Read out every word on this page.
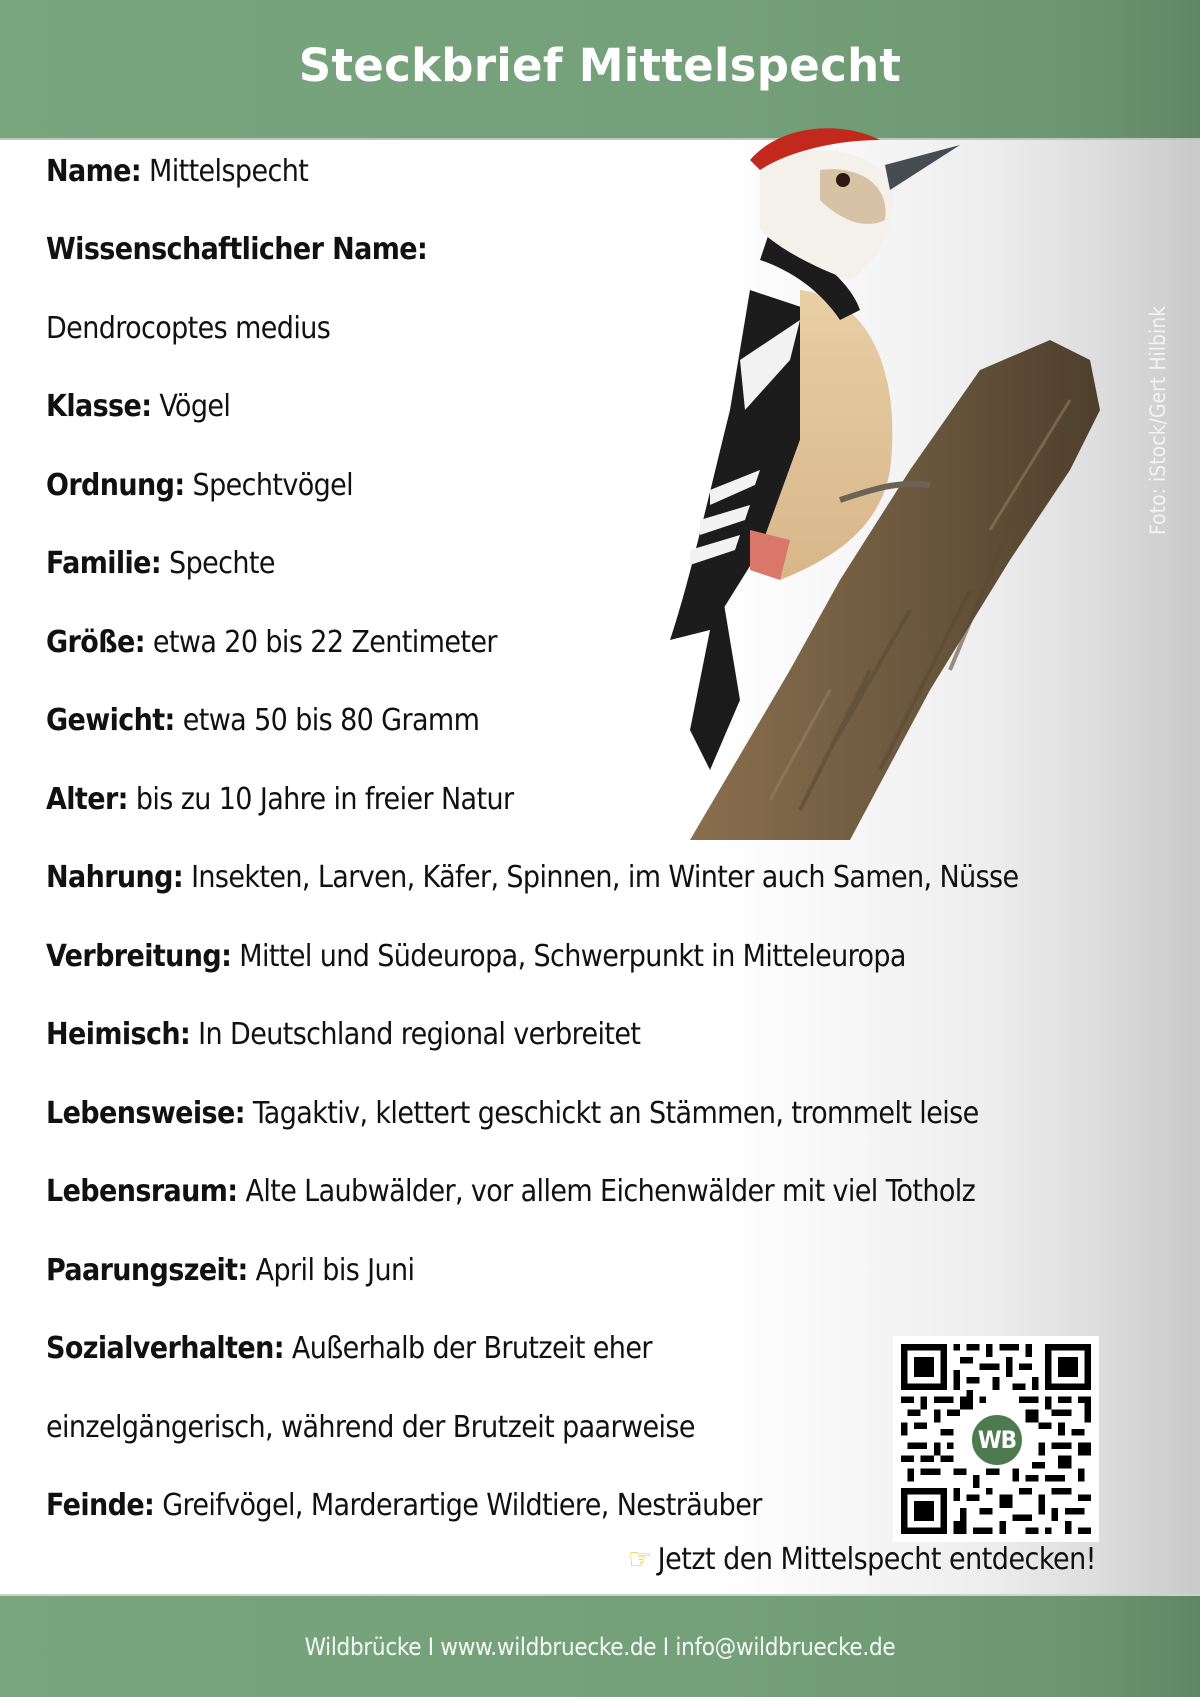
Steckbrief Mittelspecht
Foto: iStock/Gert Hilbink
Name: Mittelspecht
Wissenschaftlicher Name:
Dendrocoptes medius
Klasse: Vögel
Ordnung: Spechtvögel
Familie: Spechte
Größe: etwa 20 bis 22 Zentimeter
Gewicht: etwa 50 bis 80 Gramm
Alter: bis zu 10 Jahre in freier Natur
Nahrung: Insekten, Larven, Käfer, Spinnen, im Winter auch Samen, Nüsse
Verbreitung: Mittel und Südeuropa, Schwerpunkt in Mitteleuropa
Heimisch: In Deutschland regional verbreitet
Lebensweise: Tagaktiv, klettert geschickt an Stämmen, trommelt leise
Lebensraum: Alte Laubwälder, vor allem Eichenwälder mit viel Totholz
Paarungszeit: April bis Juni
Sozialverhalten: Außerhalb der Brutzeit eher
einzelgängerisch, während der Brutzeit paarweise
Feinde: Greifvögel, Marderartige Wildtiere, Nesträuber
WB
☞ Jetzt den Mittelspecht entdecken!
Wildbrücke I www.wildbruecke.de I info@wildbruecke.de
